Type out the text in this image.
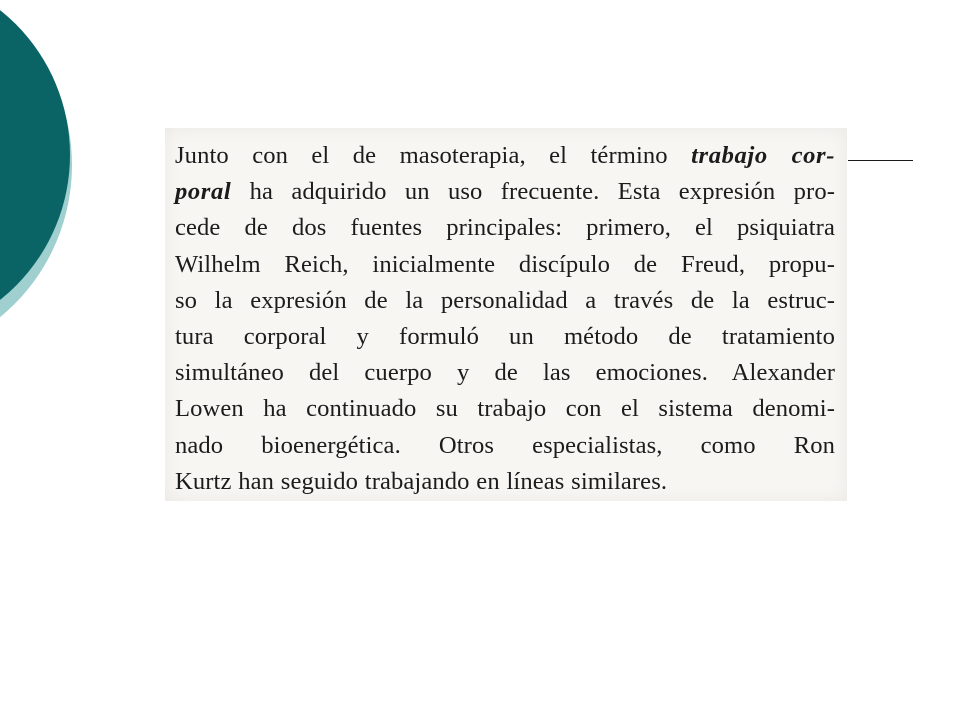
Junto con el de masoterapia, el término trabajo cor-
poral ha adquirido un uso frecuente. Esta expresión pro-
cede de dos fuentes principales: primero, el psiquiatra
Wilhelm Reich, inicialmente discípulo de Freud, propu-
so la expresión de la personalidad a través de la estruc-
tura corporal y formuló un método de tratamiento
simultáneo del cuerpo y de las emociones. Alexander
Lowen ha continuado su trabajo con el sistema denomi-
nado bioenergética. Otros especialistas, como Ron
Kurtz han seguido trabajando en líneas similares.
